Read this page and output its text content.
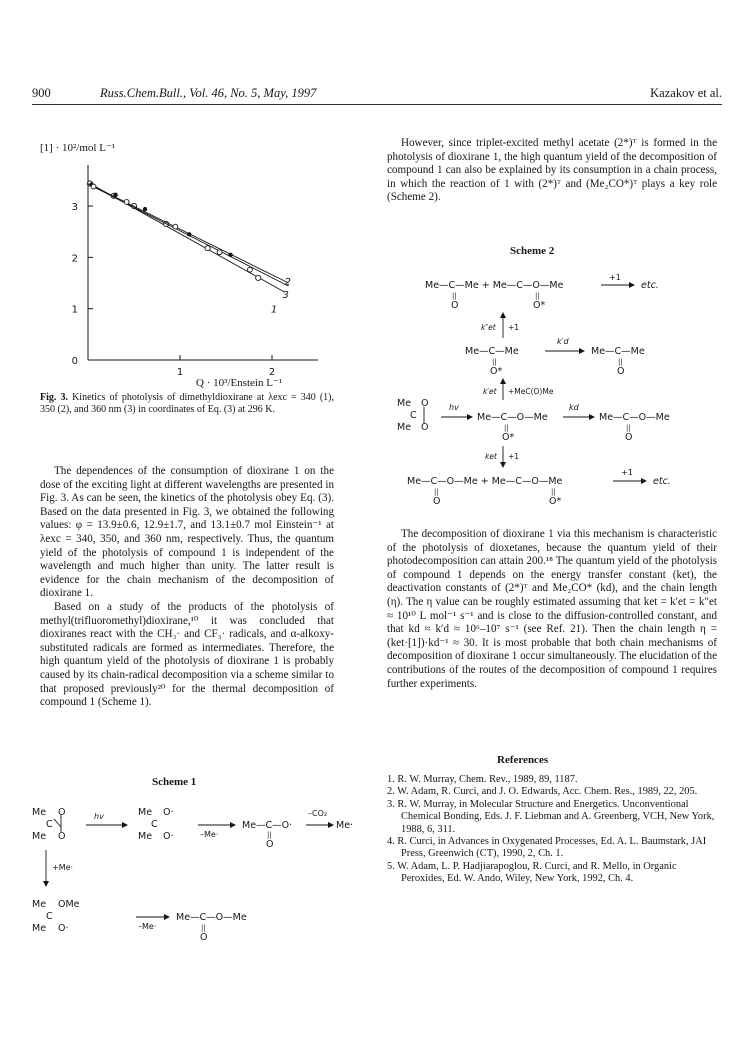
900	Russ.Chem.Bull., Vol. 46, No. 5, May, 1997	Kazakov et al.
[1] · 10²/mol L⁻¹
1
2
3
0
1	2
1
2
3
Q · 10³/Enstein L⁻¹
Fig. 3. Kinetics of photolysis of dimethyldioxirane at λexc = 340 (1), 350 (2), and 360 nm (3) in coordinates of Eq. (3) at 296 K.

The dependences of the consumption of dioxirane 1 on the dose of the exciting light at different wavelengths are presented in Fig. 3. As can be seen, the kinetics of the photolysis obey Eq. (3). Based on the data presented in Fig. 3, we obtained the following values: φ = 13.9±0.6, 12.9±1.7, and 13.1±0.7 mol Einstein⁻¹ at λexc = 340, 350, and 360 nm, respectively. Thus, the quantum yield of the photolysis of compound 1 is independent of the wavelength and much higher than unity. The latter result is evidence for the chain mechanism of the decomposition of dioxirane 1.

Based on a study of the products of the photolysis of methyl(trifluoromethyl)dioxirane,¹⁰ it was concluded that dioxiranes react with the CH₃· and CF₃· radicals, and α-alkoxy-substituted radicals are formed as intermediates. Therefore, the high quantum yield of the photolysis of dioxirane 1 is probably caused by its chain-radical decomposition via a scheme similar to that proposed previously²⁰ for the thermal decomposition of compound 1 (Scheme 1).

Scheme 1
Me O
C
Me O
hv	Me O·
C
Me O·	–Me·
Me—C—O·
||
O
–CO₂
Me·
+Me·
Me OMe
C
Me O·	–Me·
Me—C—O—Me
||
O

However, since triplet-excited methyl acetate (2*)ᵀ is formed in the photolysis of dioxirane 1, the high quantum yield of the decomposition of compound 1 can also be explained by its consumption in a chain process, in which the reaction of 1 with (2*)ᵀ and (Me₂CO*)ᵀ plays a key role (Scheme 2).

Scheme 2
Me—C—Me + Me—C—O—Me
||
O
||
O*
+1
etc.
k″et +1
Me—C—Me
||
O*
k′d
Me—C—Me
||
O
k′et +MeC(O)Me
Me O
C
Me O
hv
Me—C—O—Me
||
O*
kd
Me—C—O—Me
||
O
ket +1
Me—C—O—Me + Me—C—O—Me
||
O
||
O*
+1
etc.

The decomposition of dioxirane 1 via this mechanism is characteristic of the photolysis of dioxetanes, because the quantum yield of their photodecomposition can attain 200.¹⁸ The quantum yield of the photolysis of compound 1 depends on the energy transfer constant (ket), the deactivation constants of (2*)ᵀ and Me₂CO* (kd), and the chain length (η). The η value can be roughly estimated assuming that ket = k′et = k″et ≈ 10¹⁰ L mol⁻¹ s⁻¹ and is close to the diffusion-controlled constant, and that kd ≈ k′d ≈ 10⁶–10⁷ s⁻¹ (see Ref. 21). Then the chain length η = (ket·[1])·kd⁻¹ ≈ 30. It is most probable that both chain mechanisms of decomposition of dioxirane 1 occur simultaneously. The elucidation of the contributions of the routes of the decomposition of compound 1 requires further experiments.

References
1. R. W. Murray, Chem. Rev., 1989, 89, 1187.
2. W. Adam, R. Curci, and J. O. Edwards, Acc. Chem. Res., 1989, 22, 205.
3. R. W. Murray, in Molecular Structure and Energetics. Unconventional Chemical Bonding, Eds. J. F. Liebman and A. Greenberg, VCH, New York, 1988, 6, 311.
4. R. Curci, in Advances in Oxygenated Processes, Ed. A. L. Baumstark, JAI Press, Greenwich (CT), 1990, 2, Ch. 1.
5. W. Adam, L. P. Hadjiarapoglou, R. Curci, and R. Mello, in Organic Peroxides, Ed. W. Ando, Wiley, New York, 1992, Ch. 4.
